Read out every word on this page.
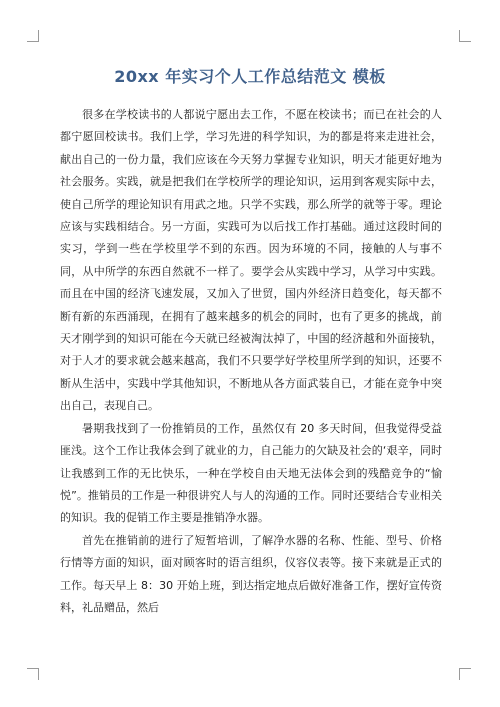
20xx 年实习个人工作总结范文 模板

很多在学校读书的人都说宁愿出去工作，不愿在校读书；而已在社会的人都宁愿回校读书。我们上学，学习先进的科学知识，为的都是将来走进社会，献出自己的一份力量，我们应该在今天努力掌握专业知识，明天才能更好地为社会服务。实践，就是把我们在学校所学的理论知识，运用到客观实际中去，使自己所学的理论知识有用武之地。只学不实践，那么所学的就等于零。理论应该与实践相结合。另一方面，实践可为以后找工作打基础。通过这段时间的实习，学到一些在学校里学不到的东西。因为环境的不同，接触的人与事不同，从中所学的东西自然就不一样了。要学会从实践中学习，从学习中实践。而且在中国的经济飞速发展，又加入了世贸，国内外经济日趋变化，每天都不断有新的东西涌现，在拥有了越来越多的机会的同时，也有了更多的挑战，前天才刚学到的知识可能在今天就已经被淘汰掉了，中国的经济越和外面接轨，对于人才的要求就会越来越高，我们不只要学好学校里所学到的知识，还要不断从生活中，实践中学其他知识，不断地从各方面武装自已，才能在竞争中突出自己，表现自己。

暑期我找到了一份推销员的工作，虽然仅有 20 多天时间，但我觉得受益匪浅。这个工作让我体会到了就业的力，自己能力的欠缺及社会的‘艰辛，同时让我感到工作的无比快乐，一种在学校自由天地无法体会到的残酷竞争的“愉悦”。推销员的工作是一种很讲究人与人的沟通的工作。同时还要结合专业相关的知识。我的促销工作主要是推销净水器。

首先在推销前的进行了短暂培训，了解净水器的名称、性能、型号、价格行情等方面的知识，面对顾客时的语言组织，仪容仪表等。接下来就是正式的工作。每天早上 8：30 开始上班，到达指定地点后做好准备工作，摆好宣传资料，礼品赠品，然后
